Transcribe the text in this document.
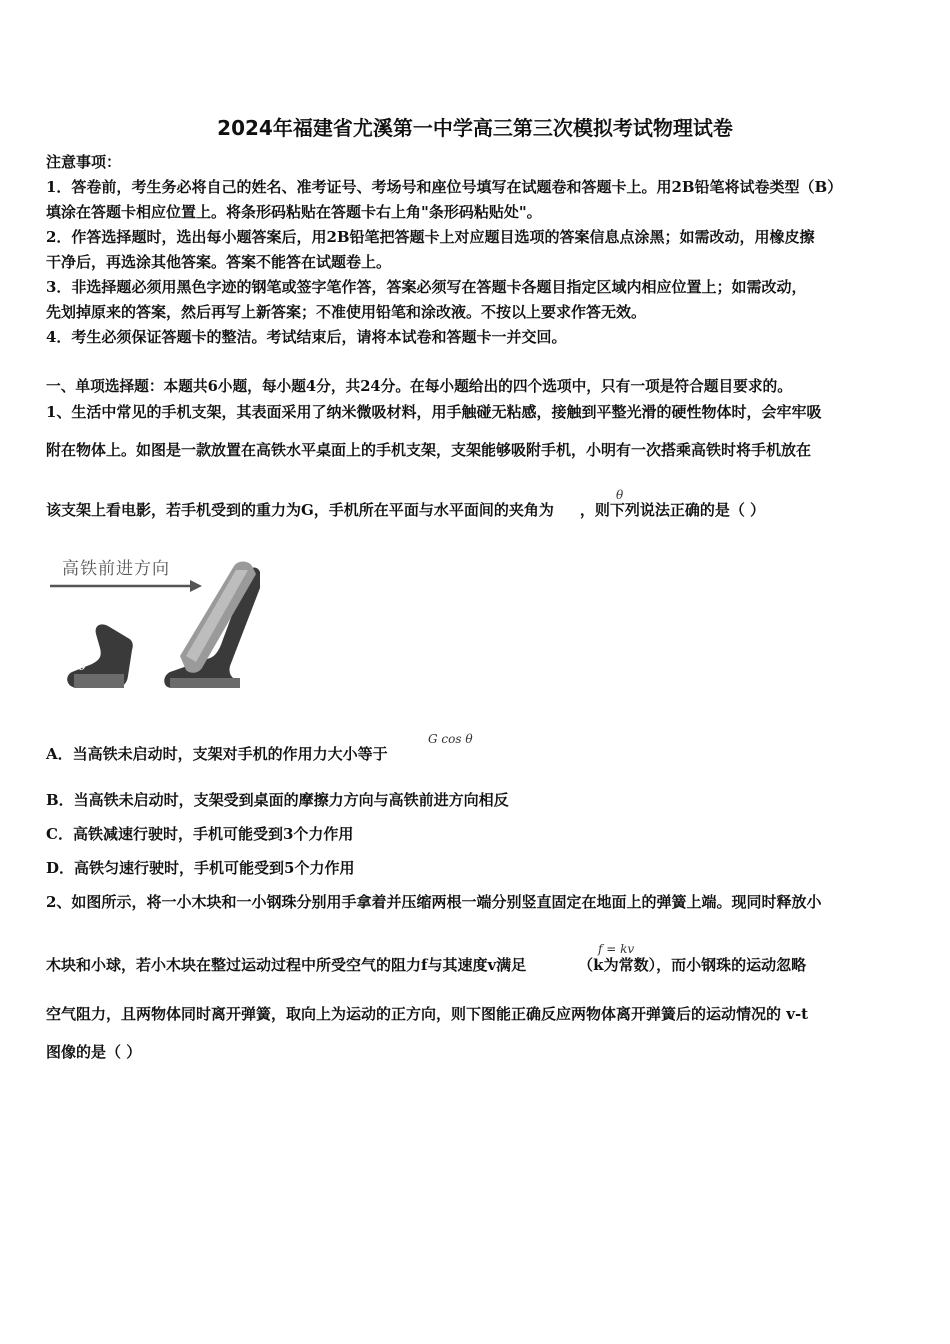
2024年福建省尤溪第一中学高三第三次模拟考试物理试卷
注意事项：
1．答卷前，考生务必将自己的姓名、准考证号、考场号和座位号填写在试题卷和答题卡上。用2B铅笔将试卷类型（B）
填涂在答题卡相应位置上。将条形码粘贴在答题卡右上角"条形码粘贴处"。
2．作答选择题时，选出每小题答案后，用2B铅笔把答题卡上对应题目选项的答案信息点涂黑；如需改动，用橡皮擦
干净后，再选涂其他答案。答案不能答在试题卷上。
3．非选择题必须用黑色字迹的钢笔或签字笔作答，答案必须写在答题卡各题目指定区域内相应位置上；如需改动，
先划掉原来的答案，然后再写上新答案；不准使用铅笔和涂改液。不按以上要求作答无效。
4．考生必须保证答题卡的整洁。考试结束后，请将本试卷和答题卡一并交回。
一、单项选择题：本题共6小题，每小题4分，共24分。在每小题给出的四个选项中，只有一项是符合题目要求的。
1、生活中常见的手机支架，其表面采用了纳米微吸材料，用手触碰无粘感，接触到平整光滑的硬性物体时，会牢牢吸
附在物体上。如图是一款放置在高铁水平桌面上的手机支架，支架能够吸附手机，小明有一次搭乘高铁时将手机放在
该支架上看电影，若手机受到的重力为G，手机所在平面与水平面间的夹角为 ，则下列说法正确的是（ ）
θ
高铁前进方向
θ
A．当高铁未启动时，支架对手机的作用力大小等于
G cos θ
B．当高铁未启动时，支架受到桌面的摩擦力方向与高铁前进方向相反
C．高铁减速行驶时，手机可能受到3个力作用
D．高铁匀速行驶时，手机可能受到5个力作用
2、如图所示，将一小木块和一小钢珠分别用手拿着并压缩两根一端分别竖直固定在地面上的弹簧上端。现同时释放小
木块和小球，若小木块在整过运动过程中所受空气的阻力f与其速度v满足	（k为常数），而小钢珠的运动忽略
f = kv
空气阻力，且两物体同时离开弹簧，取向上为运动的正方向，则下图能正确反应两物体离开弹簧后的运动情况的 v-t
图像的是（ ）
